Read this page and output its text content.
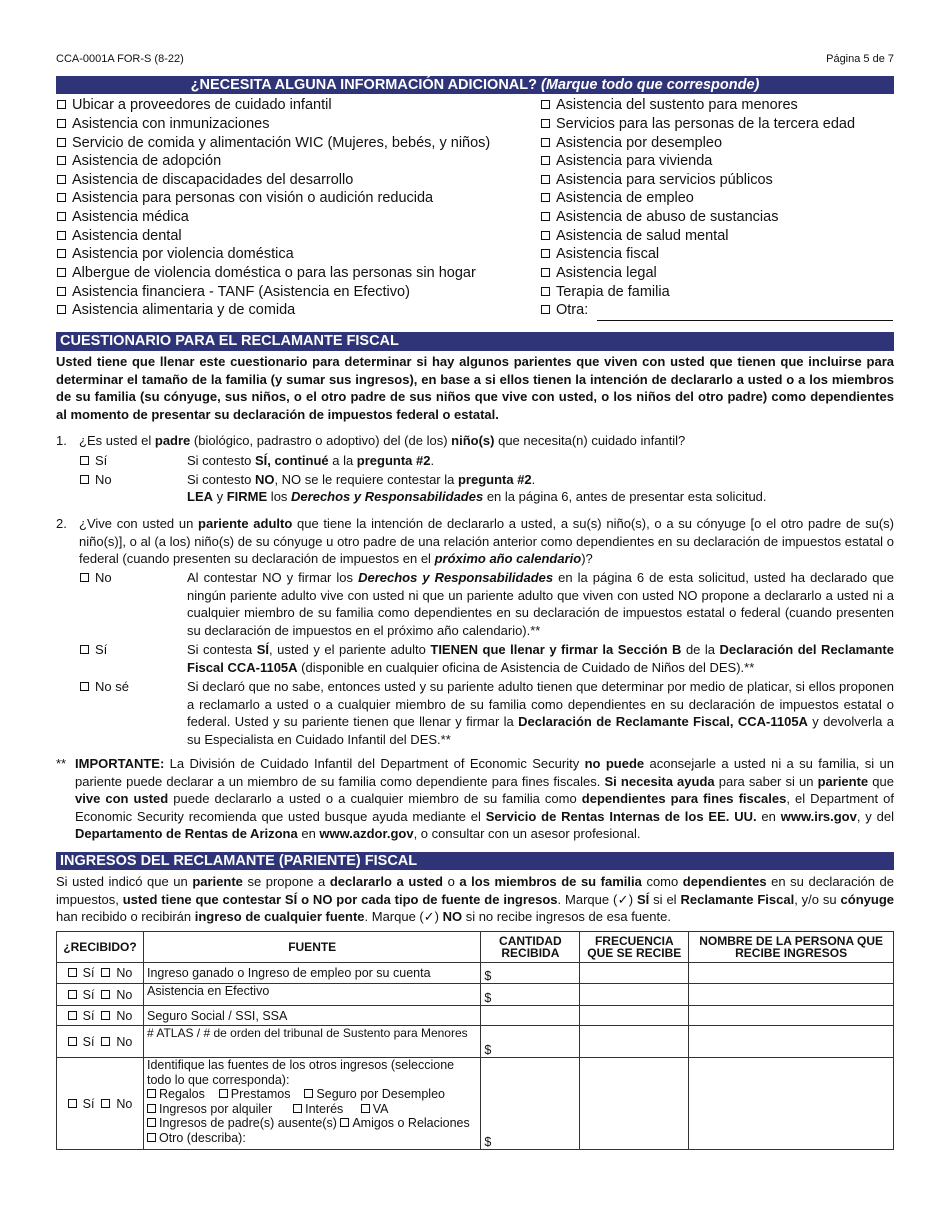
CCA-0001A FOR-S (8-22)	Página 5 de 7
¿NECESITA ALGUNA INFORMACIÓN ADICIONAL? (Marque todo que corresponde)
Ubicar a proveedores de cuidado infantil
Asistencia con inmunizaciones
Servicio de comida y alimentación WIC (Mujeres, bebés, y niños)
Asistencia de adopción
Asistencia de discapacidades del desarrollo
Asistencia para personas con visión o audición reducida
Asistencia médica
Asistencia dental
Asistencia por violencia doméstica
Albergue de violencia doméstica o para las personas sin hogar
Asistencia financiera - TANF (Asistencia en Efectivo)
Asistencia alimentaria y de comida
Asistencia del sustento para menores
Servicios para las personas de la tercera edad
Asistencia por desempleo
Asistencia para vivienda
Asistencia para servicios públicos
Asistencia de empleo
Asistencia de abuso de sustancias
Asistencia de salud mental
Asistencia fiscal
Asistencia legal
Terapia de familia
Otra:
CUESTIONARIO PARA EL RECLAMANTE FISCAL
Usted tiene que llenar este cuestionario para determinar si hay algunos parientes que viven con usted que tienen que incluirse para determinar el tamaño de la familia (y sumar sus ingresos), en base a si ellos tienen la intención de declararlo a usted o a los miembros de su familia (su cónyuge, sus niños, o el otro padre de sus niños que vive con usted, o los niños del otro padre) como dependientes al momento de presentar su declaración de impuestos federal o estatal.
1. ¿Es usted el padre (biológico, padrastro o adoptivo) del (de los) niño(s) que necesita(n) cuidado infantil?
Sí	Si contesto SÍ, continué a la pregunta #2.
No	Si contesto NO, NO se le requiere contestar la pregunta #2.
LEA y FIRME los Derechos y Responsabilidades en la página 6, antes de presentar esta solicitud.
2. ¿Vive con usted un pariente adulto que tiene la intención de declararlo a usted, a su(s) niño(s), o a su cónyuge [o el otro padre de su(s) niño(s)], o al (a los) niño(s) de su cónyuge u otro padre de una relación anterior como dependientes en su declaración de impuestos estatal o federal (cuando presenten su declaración de impuestos en el próximo año calendario)?
No	Al contestar NO y firmar los Derechos y Responsabilidades en la página 6 de esta solicitud, usted ha declarado que ningún pariente adulto vive con usted ni que un pariente adulto que viven con usted NO propone a declararlo a usted ni a cualquier miembro de su familia como dependientes en su declaración de impuestos estatal o federal (cuando presenten su declaración de impuestos en el próximo año calendario).**
Sí	Si contesta SÍ, usted y el pariente adulto TIENEN que llenar y firmar la Sección B de la Declaración del Reclamante Fiscal CCA-1105A (disponible en cualquier oficina de Asistencia de Cuidado de Niños del DES).**
No sé	Si declaró que no sabe, entonces usted y su pariente adulto tienen que determinar por medio de platicar, si ellos proponen a reclamarlo a usted o a cualquier miembro de su familia como dependientes en su declaración de impuestos estatal o federal. Usted y su pariente tienen que llenar y firmar la Declaración de Reclamante Fiscal, CCA-1105A y devolverla a su Especialista en Cuidado Infantil del DES.**
** IMPORTANTE: La División de Cuidado Infantil del Department of Economic Security no puede aconsejarle a usted ni a su familia, si un pariente puede declarar a un miembro de su familia como dependiente para fines fiscales. Si necesita ayuda para saber si un pariente que vive con usted puede declararlo a usted o a cualquier miembro de su familia como dependientes para fines fiscales, el Department of Economic Security recomienda que usted busque ayuda mediante el Servicio de Rentas Internas de los EE. UU. en www.irs.gov, y del Departamento de Rentas de Arizona en www.azdor.gov, o consultar con un asesor profesional.
INGRESOS DEL RECLAMANTE (PARIENTE) FISCAL
Si usted indicó que un pariente se propone a declararlo a usted o a los miembros de su familia como dependientes en su declaración de impuestos, usted tiene que contestar SÍ o NO por cada tipo de fuente de ingresos. Marque (✓) SÍ si el Reclamante Fiscal, y/o su cónyuge han recibido o recibirán ingreso de cualquier fuente. Marque (✓) NO si no recibe ingresos de esa fuente.
¿RECIBIDO?	FUENTE	CANTIDAD RECIBIDA	FRECUENCIA QUE SE RECIBE	NOMBRE DE LA PERSONA QUE RECIBE INGRESOS
Sí No	Ingreso ganado o Ingreso de empleo por su cuenta	$		
Sí No	Asistencia en Efectivo	$		
Sí No	Seguro Social / SSI, SSA			
Sí No	# ATLAS / # de orden del tribunal de Sustento para Menores	$		
Sí No	Identifique las fuentes de los otros ingresos (seleccione todo lo que corresponda):
Regalos Prestamos Seguro por Desempleo
Ingresos por alquiler Interés VA
Ingresos de padre(s) ausente(s) Amigos o Relaciones
Otro (describa):	$		
